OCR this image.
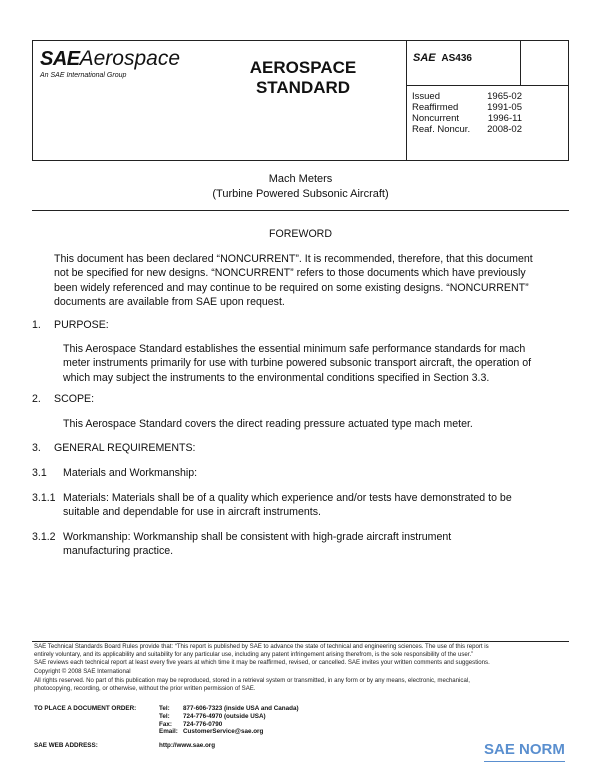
SAEAerospace
An SAE International Group	AEROSPACE
STANDARD
SAE AS436
Issued	1965-02
Reaffirmed	1991-05
Noncurrent	1996-11
Reaf. Noncur. 2008-02
Mach Meters
(Turbine Powered Subsonic Aircraft)
FOREWORD
This document has been declared “NONCURRENT”. It is recommended, therefore, that this document
not be specified for new designs. “NONCURRENT” refers to those documents which have previously
been widely referenced and may continue to be required on some existing designs. “NONCURRENT”
documents are available from SAE upon request.
1. PURPOSE:
This Aerospace Standard establishes the essential minimum safe performance standards for mach
meter instruments primarily for use with turbine powered subsonic transport aircraft, the operation of
which may subject the instruments to the environmental conditions specified in Section 3.3.
2. SCOPE:
This Aerospace Standard covers the direct reading pressure actuated type mach meter.
3. GENERAL REQUIREMENTS:
3.1 Materials and Workmanship:
3.1.1 Materials: Materials shall be of a quality which experience and/or tests have demonstrated to be
suitable and dependable for use in aircraft instruments.
3.1.2 Workmanship: Workmanship shall be consistent with high-grade aircraft instrument
manufacturing practice.
SAE Technical Standards Board Rules provide that: “This report is published by SAE to advance the state of technical and engineering sciences. The use of this report is
entirely voluntary, and its applicability and suitability for any particular use, including any patent infringement arising therefrom, is the sole responsibility of the user.”
SAE reviews each technical report at least every five years at which time it may be reaffirmed, revised, or cancelled. SAE invites your written comments and suggestions.
Copyright © 2008 SAE International
All rights reserved. No part of this publication may be reproduced, stored in a retrieval system or transmitted, in any form or by any means, electronic, mechanical,
photocopying, recording, or otherwise, without the prior written permission of SAE.
TO PLACE A DOCUMENT ORDER:	Tel: 877-606-7323 (inside USA and Canada)
Tel: 724-776-4970 (outside USA)
Fax: 724-776-0790
Email: CustomerService@sae.org
SAE WEB ADDRESS:	http://www.sae.org	SAE NORM
